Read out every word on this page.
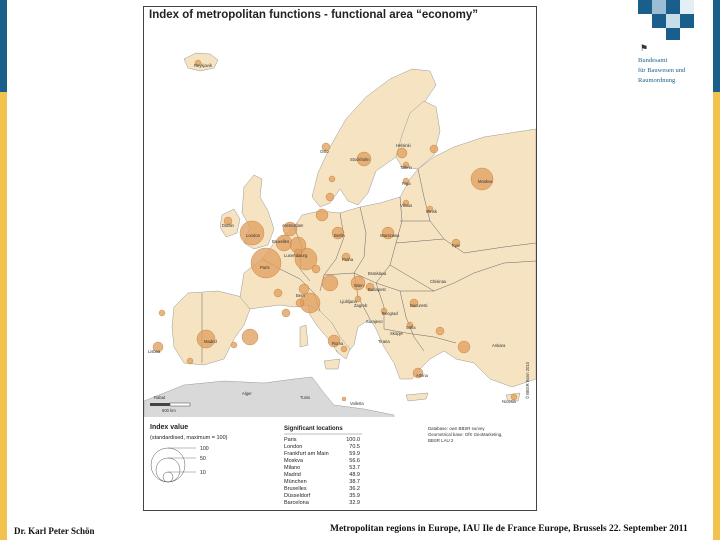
500 km
Reykjavik
Oslo
Stockholm
Helsinki
Tallinn
Riga
Vilnius
Minsk
Moskva
Dublin
London
Amsterdam
Bruxelles
Luxembourg
Paris
Bern
Berlin	Warszawa
Kyiv
Praha
Wien
Bratislava
Budapest
Ljubljana
Zagreb
Beograd
Sarajevo
Bucuresti
Sofia
Skopje
Tirana
Athina
Ankara
Lisboa
Madrid	Roma
Valletta	Nicosia
Rabat
Alger
Tunis
Chisinau
© BBSR Bonn 2010
Index value
(standardised, maximum = 100)
100
50
10
Significant locations
Paris	100.0
London	70.5
Frankfurt am Main	59.9
Moskva	56.6
Milano	53.7
Madrid	48.9
München	38.7
Bruxelles	36.2
Düsseldorf	35.9
Barcelona	32.9
Database: own BBSR survey
Geometrical base: GfK GeoMarketing,
BBSR LAU 2
Index of metropolitan functions - functional area “economy”
⚑
Bundesamt
für Bauwesen und
Raumordnung
Dr. Karl Peter Schön	Metropolitan regions in Europe, IAU Ile de France Europe, Brussels 22. September 2011
